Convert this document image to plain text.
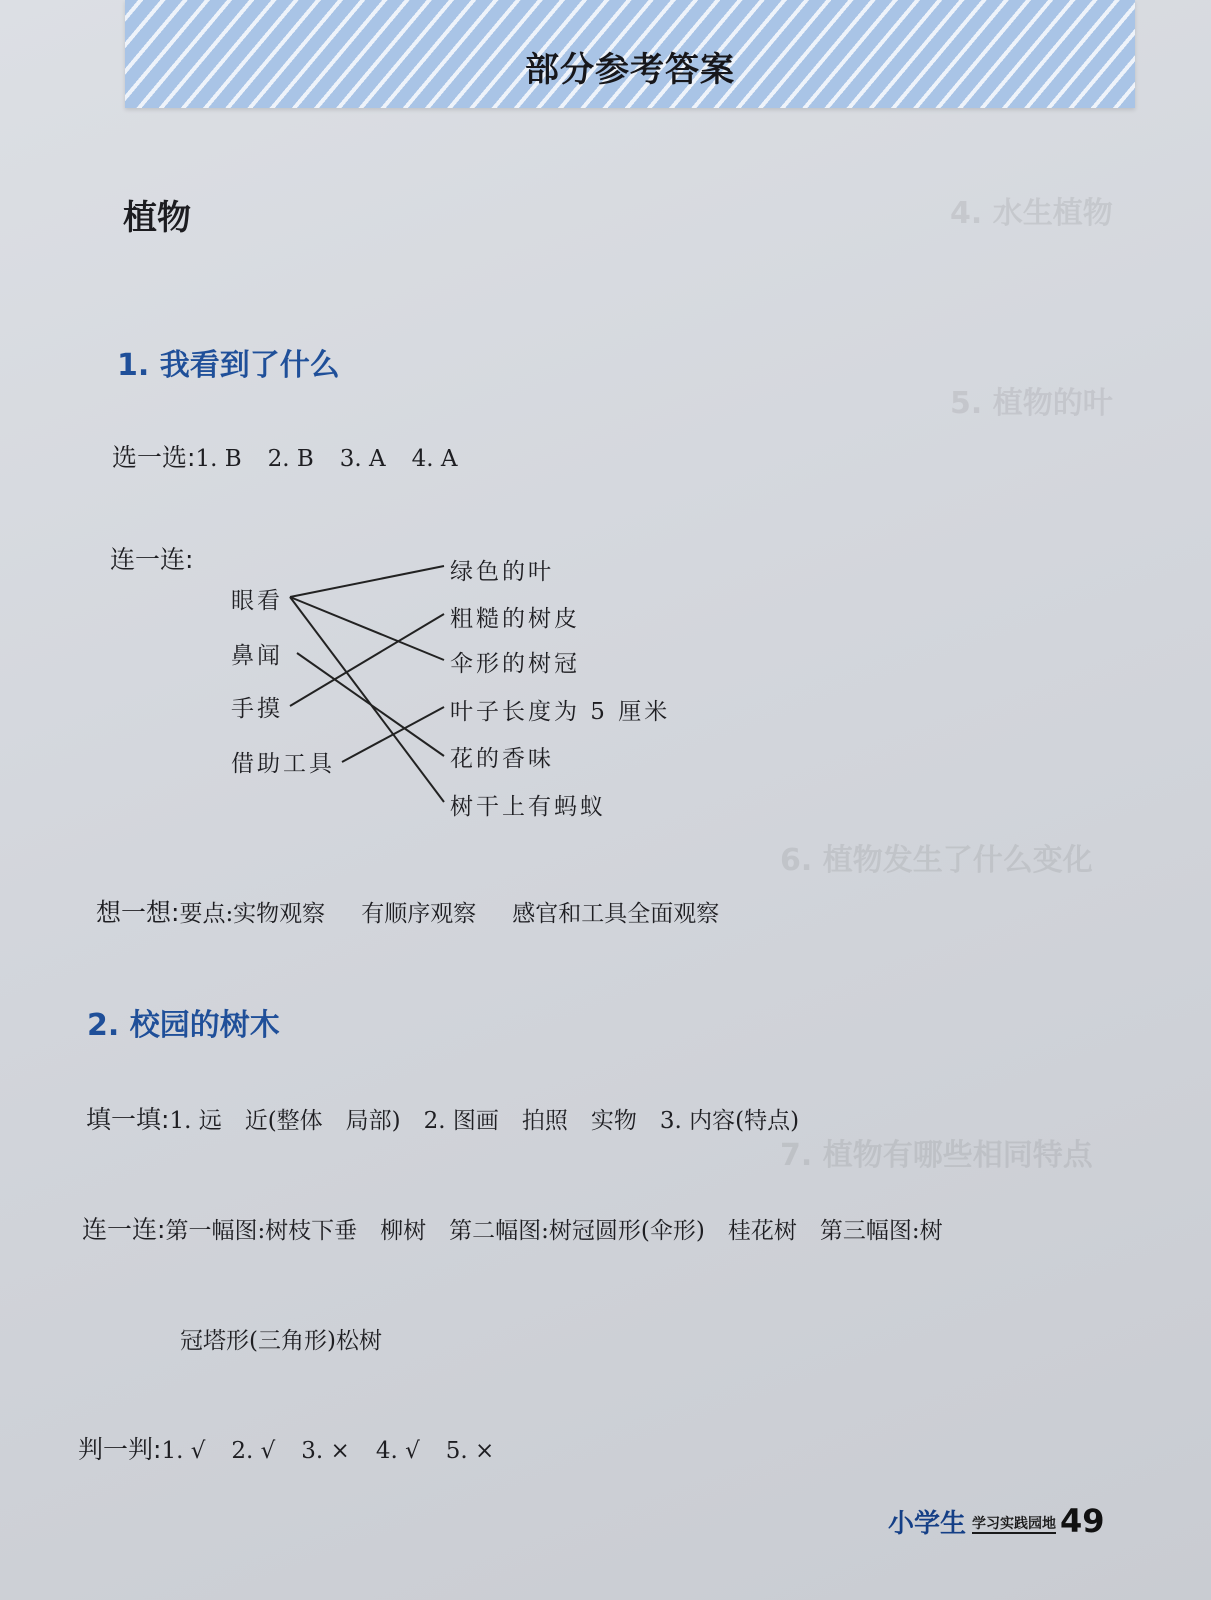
4. 水生植物
5. 植物的叶
6. 植物发生了什么变化
7. 植物有哪些相同特点
部分参考答案
植物
1. 我看到了什么
选一选:1. B 2. B 3. A 4. A
连一连:
眼看
鼻闻
手摸
借助工具
绿色的叶
粗糙的树皮
伞形的树冠
叶子长度为 5 厘米
花的香味
树干上有蚂蚁
想一想:要点:实物观察 有顺序观察 感官和工具全面观察
2. 校园的树木
填一填:1. 远　近(整体　局部)　2. 图画　拍照　实物　3. 内容(特点)
连一连:第一幅图:树枝下垂　柳树　第二幅图:树冠圆形(伞形)　桂花树　第三幅图:树
冠塔形(三角形)松树
判一判:1. √ 2. √ 3. × 4. √ 5. ×
小学生 学习实践园地 49
